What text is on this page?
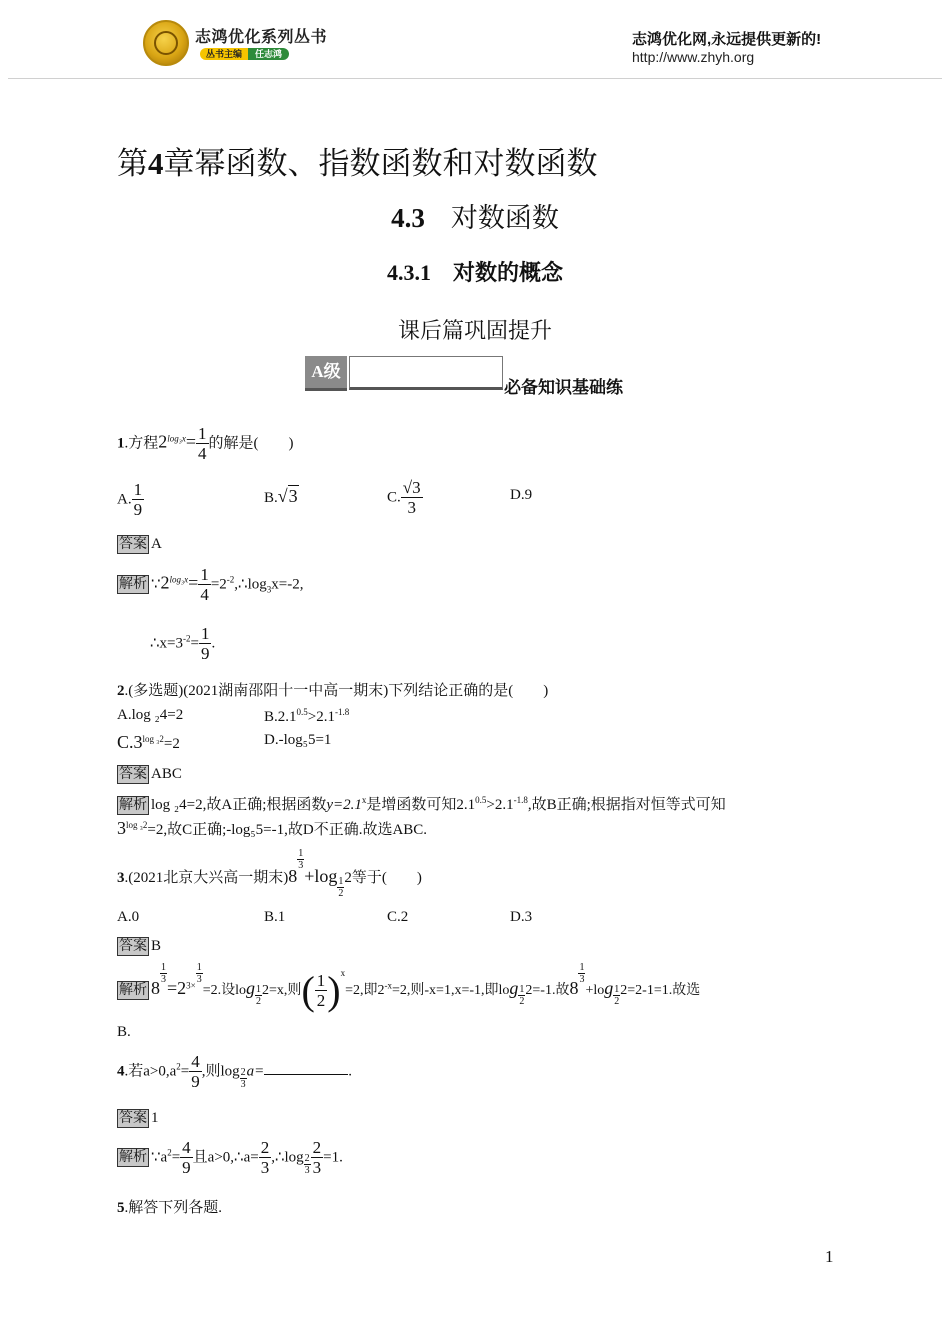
志鸿优化系列丛书
丛书主编 任志鸿
志鸿优化网,永远提供更新的!
http://www.zhyh.org
第4章幂函数、指数函数和对数函数
4.3 对数函数
4.3.1 对数的概念
课后篇巩固提升
A级
必备知识基础练
1.方程$2^{log_3x}= \frac{1}{4}$ 的解是(　　)
A. $\frac{1}{9}$	B.√3	C. $\frac{√3}{3}$	D.9
答案 A
解析 $\because 2^{log_3x}= \frac{1}{4}$ $=2^{-2},\therefore\log_3x=-2$,
$\therefore x=3^{-2}= \frac{1}{9}$ .
2.(多选题)(2021湖南邵阳十一中高一期末)下列结论正确的是(　　)
A.log ₂4=2	$B.2.1^{0.5}>2.1^{-1.8}$
$C.3^{log _32}=2$	D.-log₅5=1
答案 ABC
解析 log ₂4=2,故A正确;根据函数$y=2.1^x$是增函数可知$2.1^{0.5}>2.1^{-1.8}$,故B正确;根据指对恒等式可知
$3^{log _32}=2$,故C正确;-log₅5=-1,故D不正确.故选ABC.
3.(2021北京大兴高一期末)8
$\frac{1}{3}$
$+\log \frac{1}{2} 2$等于(　　)
A.0	B.1	C.2	D.3
答案 B
解析 8
$\frac{1}{3}$
$=2^{3\times}$
$\frac{1}{3}$
=2.设$\log \frac{1}{2} 2=x$,则( $\frac{1}{2} )^x=2$,即$2^{-x}=2$,则-x=1,x=-1,即$\log \frac{1}{2} 2=-1$.故8
$\frac{1}{3}$
$+\log \frac{1}{2} 2=2-1=1$.故选
B.
4.若$a>0,a^2= \frac{4}{9}$ ,则$\log \frac{2}{3} a=$	.
答案 1
解析 $\because a^2= \frac{4}{9}$ 且a>0,∴a= $\frac{2}{3}$ ,∴log $\frac{2}{3} \frac{2}{3} =1$.
5.解答下列各题.
1
